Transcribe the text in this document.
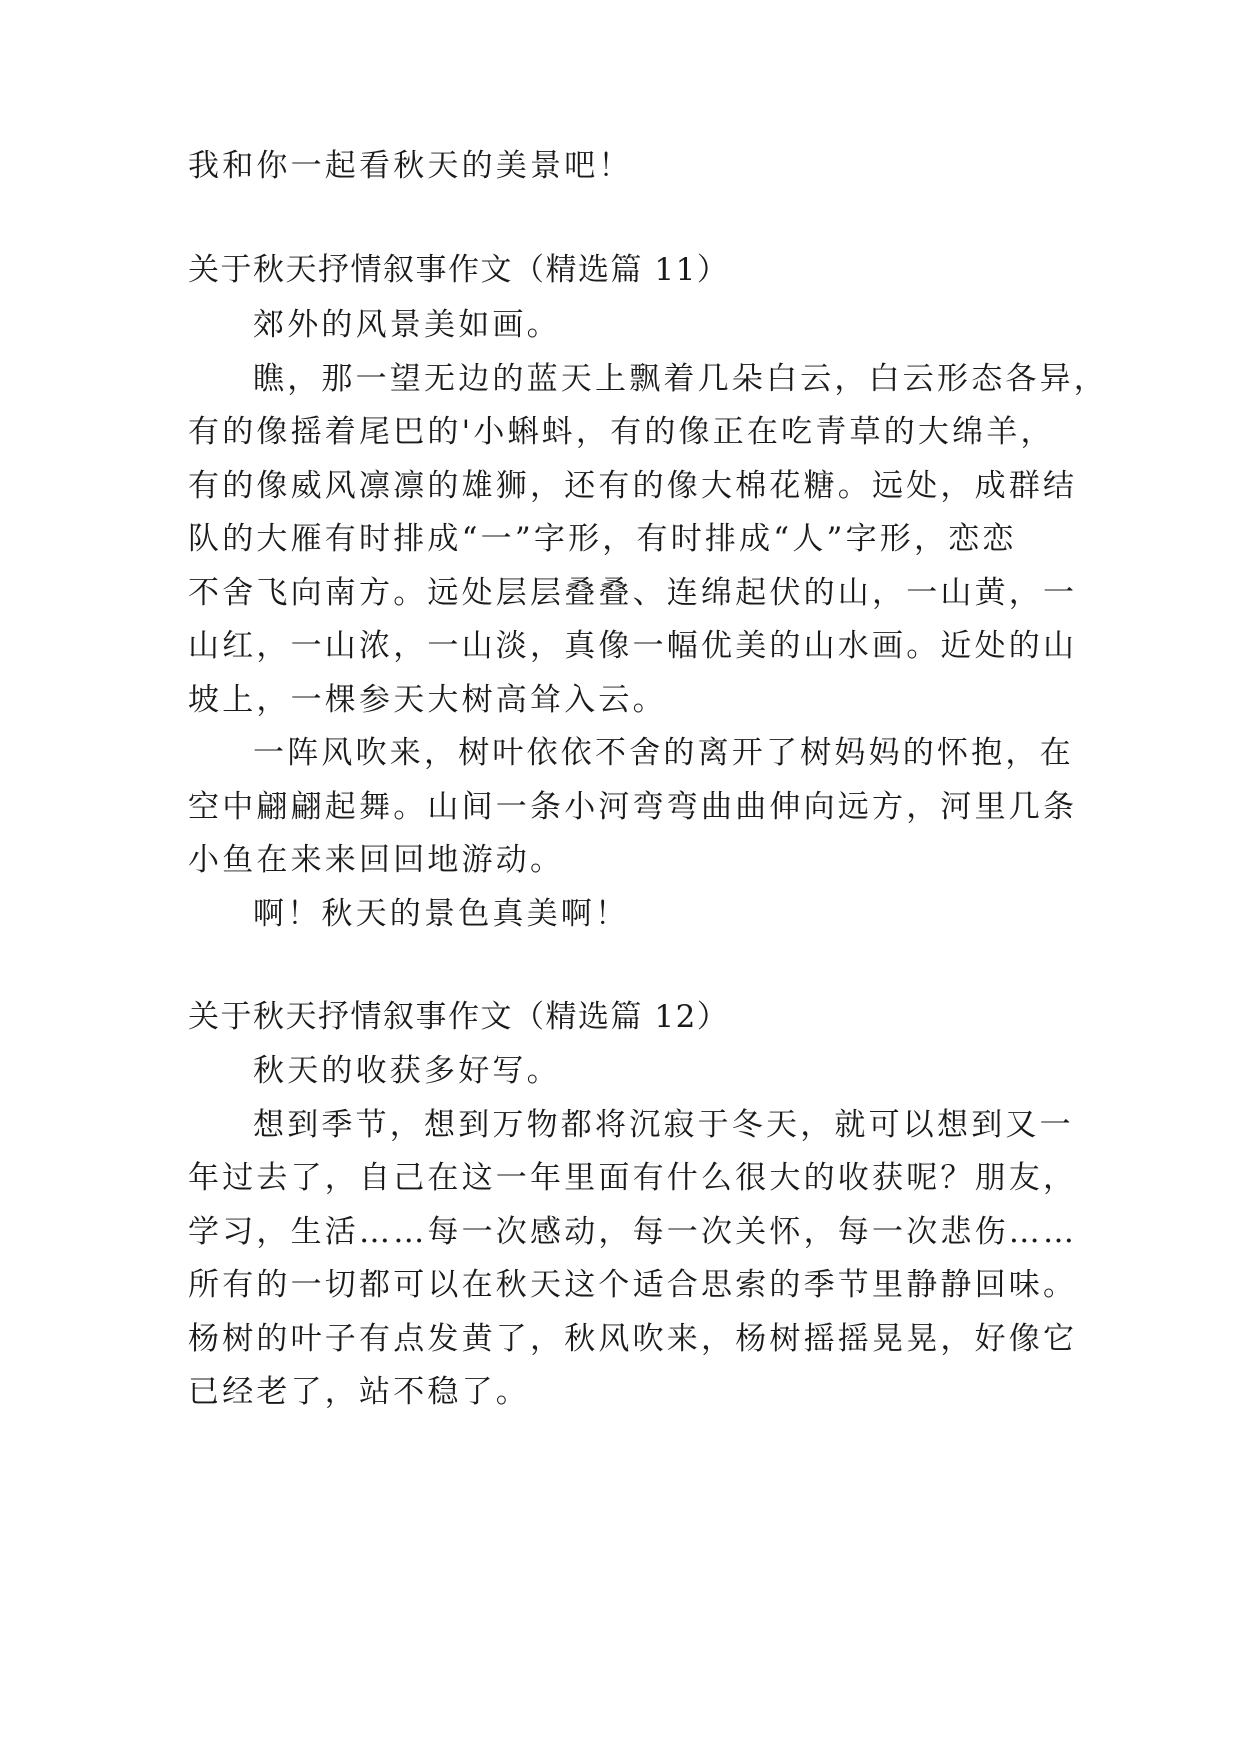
我和你一起看秋天的美景吧！
关于秋天抒情叙事作文（精选篇 11）
郊外的风景美如画。
瞧，那一望无边的蓝天上飘着几朵白云，白云形态各异，
有的像摇着尾巴的'小蝌蚪，有的像正在吃青草的大绵羊，
有的像威风凛凛的雄狮，还有的像大棉花糖。远处，成群结
队的大雁有时排成“一”字形，有时排成“人”字形，恋恋
不舍飞向南方。远处层层叠叠、连绵起伏的山，一山黄，一
山红，一山浓，一山淡，真像一幅优美的山水画。近处的山
坡上，一棵参天大树高耸入云。
一阵风吹来，树叶依依不舍的离开了树妈妈的怀抱，在
空中翩翩起舞。山间一条小河弯弯曲曲伸向远方，河里几条
小鱼在来来回回地游动。
啊！秋天的景色真美啊！
关于秋天抒情叙事作文（精选篇 12）
秋天的收获多好写。
想到季节，想到万物都将沉寂于冬天，就可以想到又一
年过去了，自己在这一年里面有什么很大的收获呢？朋友，
学习，生活……每一次感动，每一次关怀，每一次悲伤……
所有的一切都可以在秋天这个适合思索的季节里静静回味。
杨树的叶子有点发黄了，秋风吹来，杨树摇摇晃晃，好像它
已经老了，站不稳了。
